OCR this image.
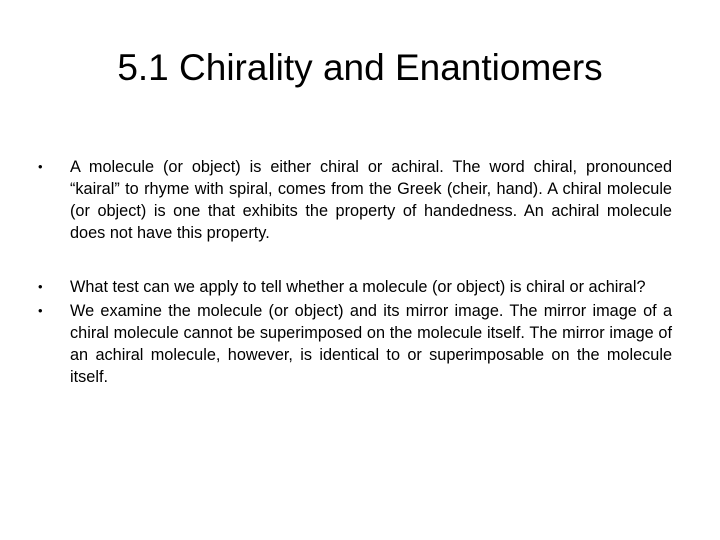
5.1 Chirality and Enantiomers
• A molecule (or object) is either chiral or achiral. The word chiral, pronounced “kairal” to rhyme with spiral, comes from the Greek (cheir, hand). A chiral molecule (or object) is one that exhibits the property of handedness. An achiral molecule does not have this property.
• What test can we apply to tell whether a molecule (or object) is chiral or achiral?
• We examine the molecule (or object) and its mirror image. The mirror image of a chiral molecule cannot be superimposed on the molecule itself. The mirror image of an achiral molecule, however, is identical to or superimposable on the molecule itself.
